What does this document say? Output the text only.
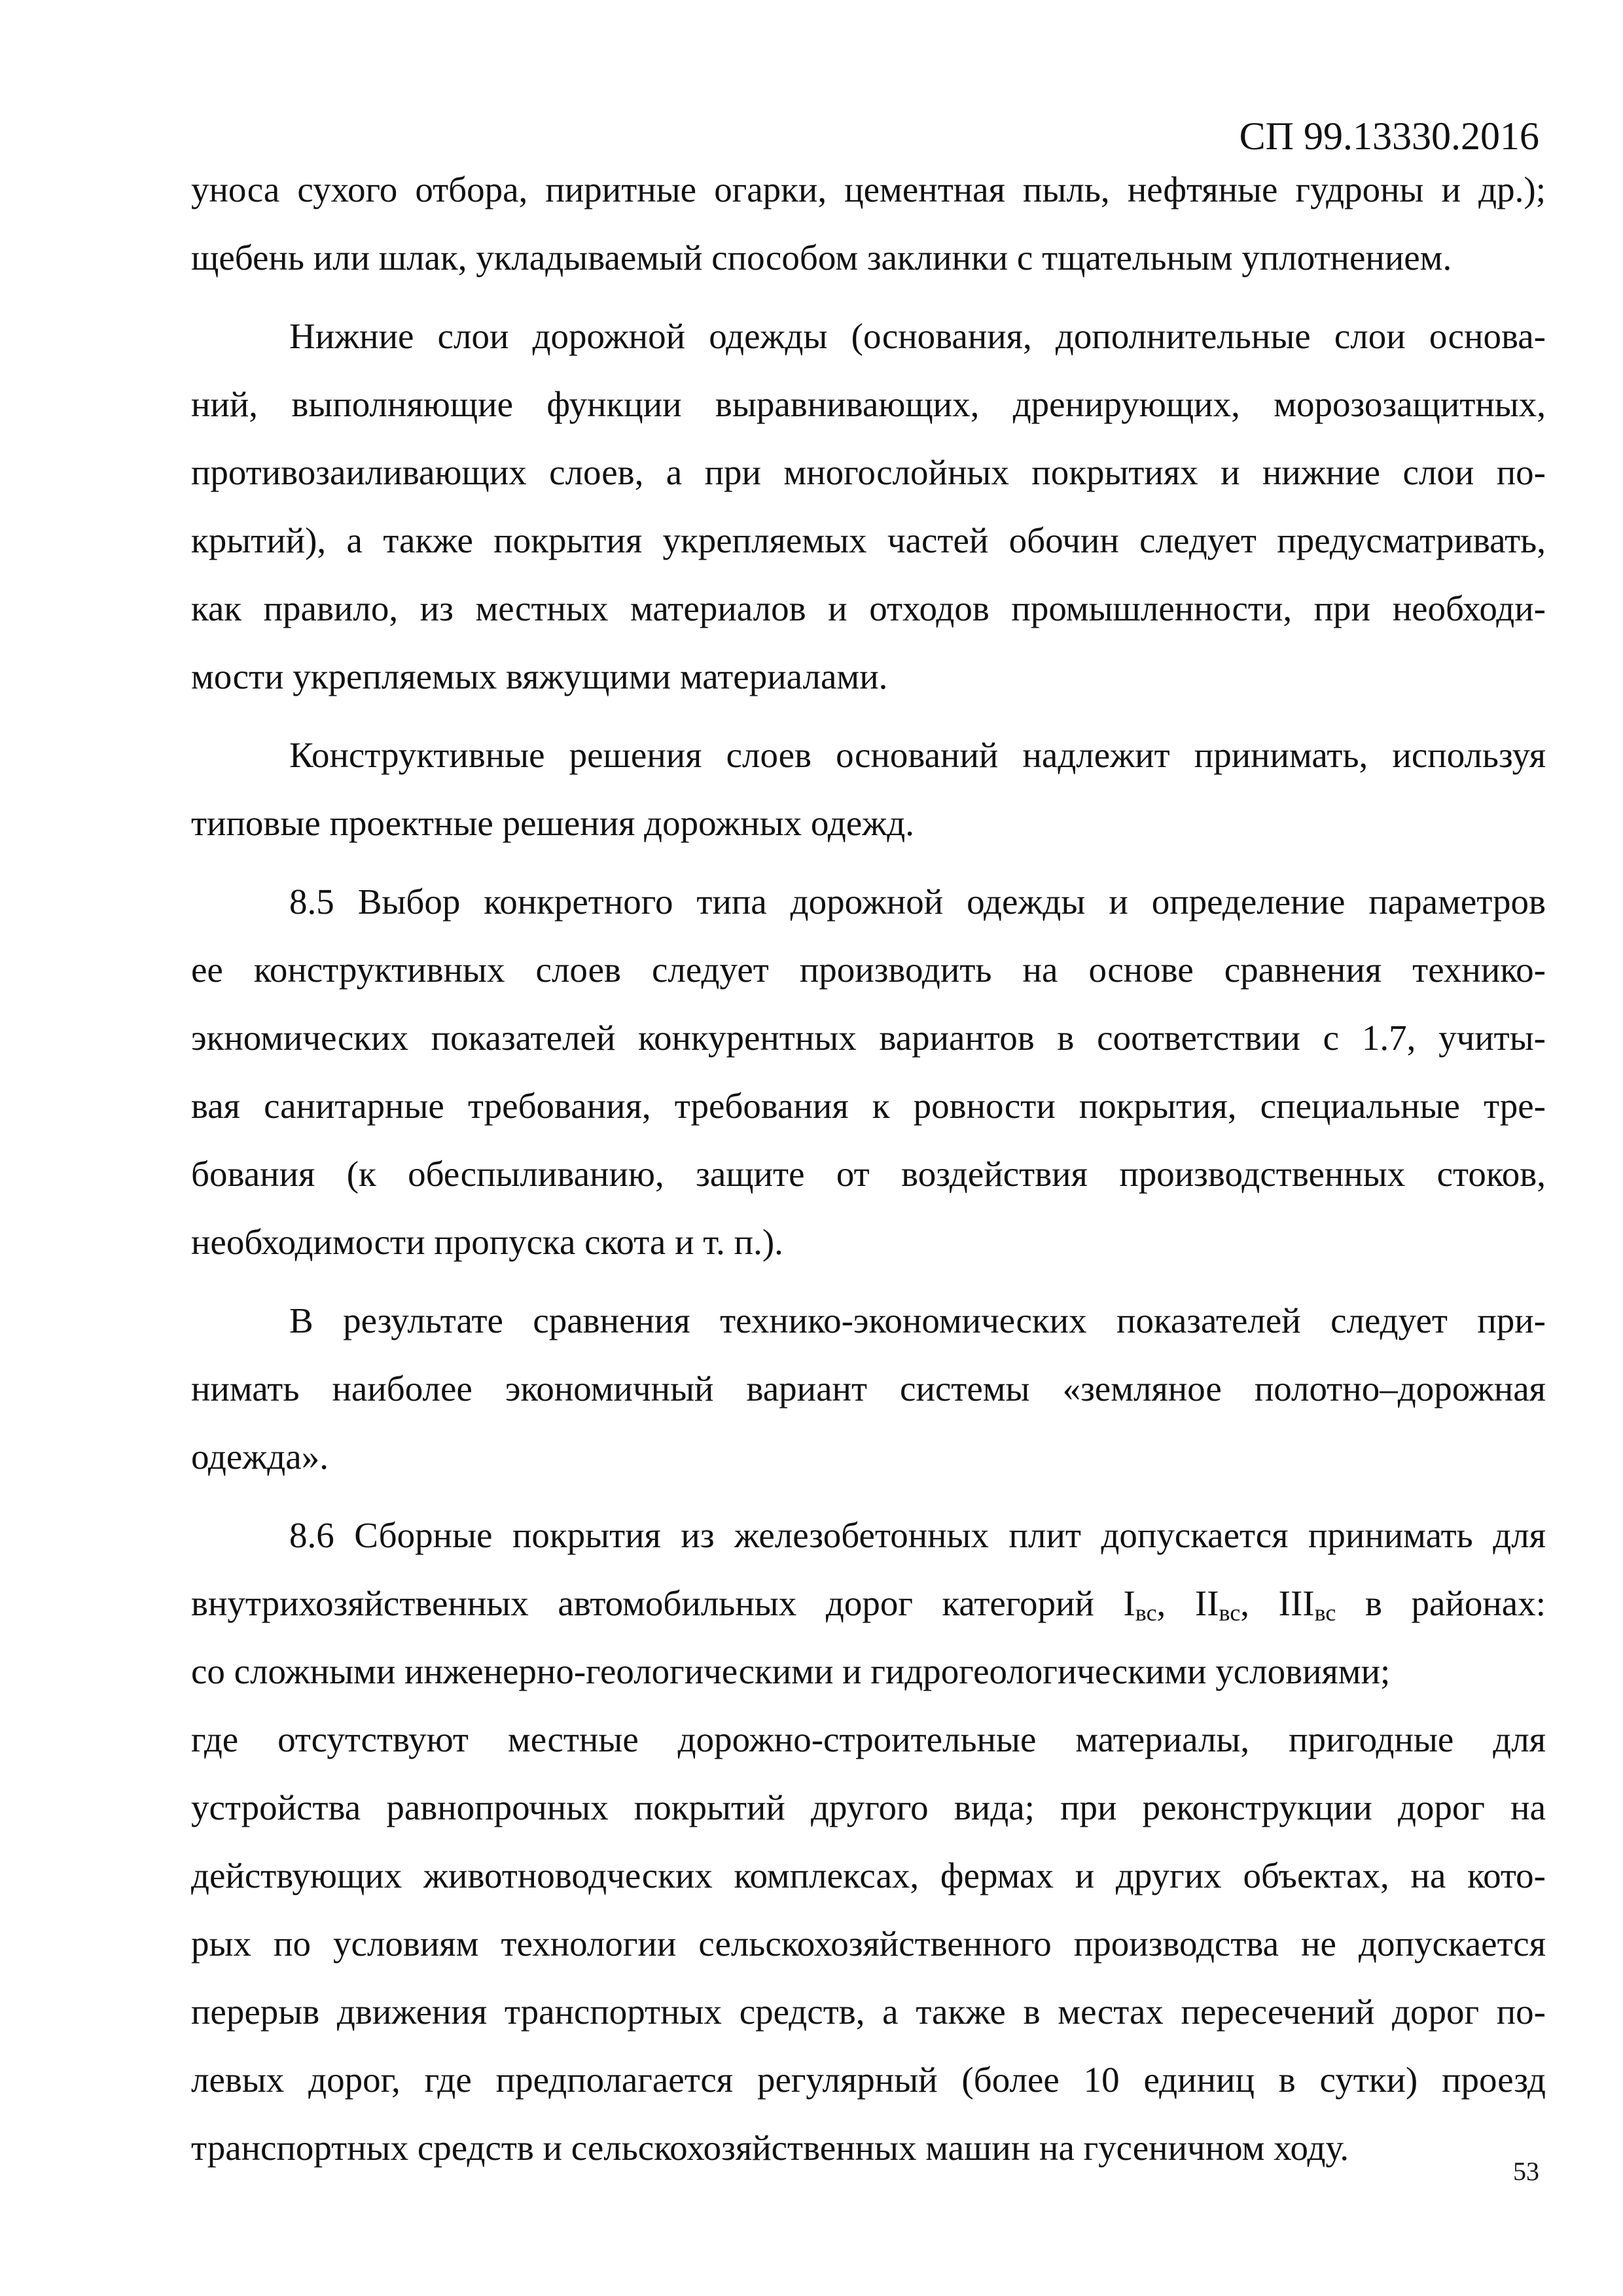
СП 99.13330.2016
уноса сухого отбора, пиритные огарки, цементная пыль, нефтяные гудроны и др.);
щебень или шлак, укладываемый способом заклинки с тщательным уплотнением.
Нижние слои дорожной одежды (основания, дополнительные слои основа-
ний, выполняющие функции выравнивающих, дренирующих, морозозащитных,
противозаиливающих слоев, а при многослойных покрытиях и нижние слои по-
крытий), а также покрытия укрепляемых частей обочин следует предусматривать,
как правило, из местных материалов и отходов промышленности, при необходи-
мости укрепляемых вяжущими материалами.
Конструктивные решения слоев оснований надлежит принимать, используя
типовые проектные решения дорожных одежд.
8.5 Выбор конкретного типа дорожной одежды и определение параметров
ее конструктивных слоев следует производить на основе сравнения технико-
экномических показателей конкурентных вариантов в соответствии с 1.7, учиты-
вая санитарные требования, требования к ровности покрытия, специальные тре-
бования (к обеспыливанию, защите от воздействия производственных стоков,
необходимости пропуска скота и т. п.).
В результате сравнения технико-экономических показателей следует при-
нимать наиболее экономичный вариант системы «земляное полотно–дорожная
одежда».
8.6 Сборные покрытия из железобетонных плит допускается принимать для
внутрихозяйственных автомобильных дорог категорий $I_{вс}$, $II_{вс}$, $III_{вс}$ в районах:
со сложными инженерно-геологическими и гидрогеологическими условиями;
где отсутствуют местные дорожно-строительные материалы, пригодные для
устройства равнопрочных покрытий другого вида; при реконструкции дорог на
действующих животноводческих комплексах, фермах и других объектах, на кото-
рых по условиям технологии сельскохозяйственного производства не допускается
перерыв движения транспортных средств, а также в местах пересечений дорог по-
левых дорог, где предполагается регулярный (более 10 единиц в сутки) проезд
транспортных средств и сельскохозяйственных машин на гусеничном ходу.
53
